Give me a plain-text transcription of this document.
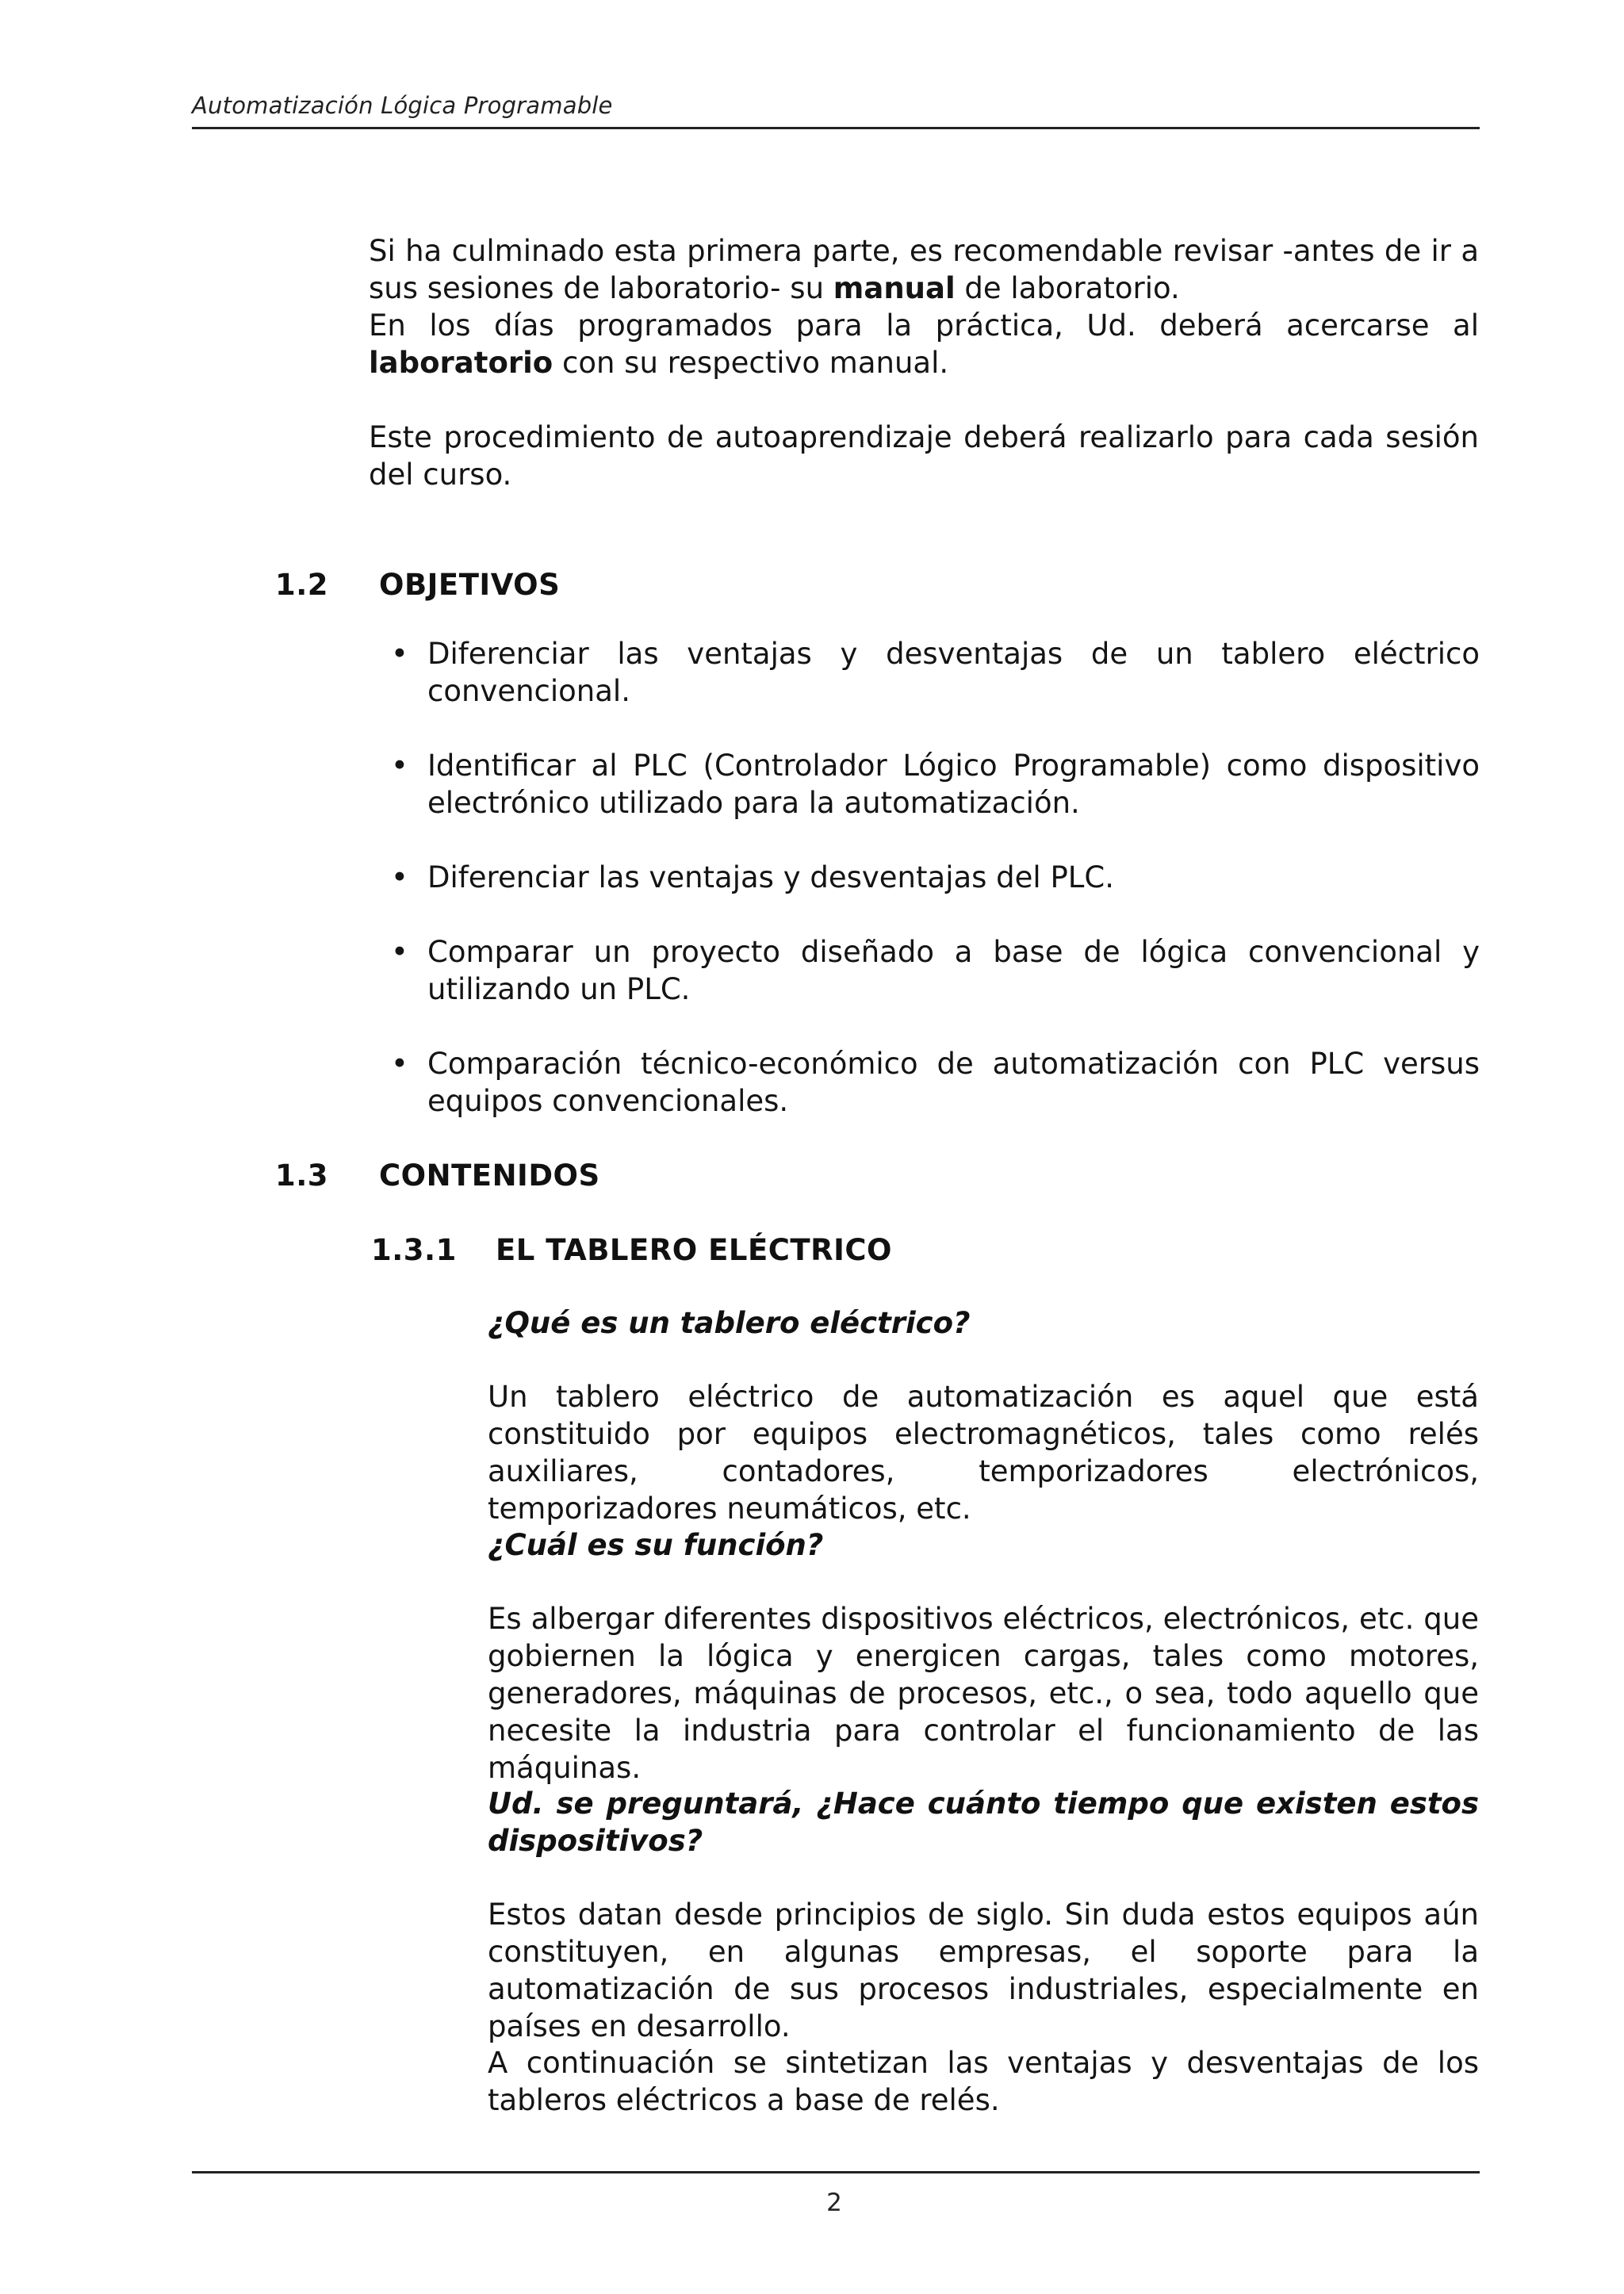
Automatización Lógica Programable

Si ha culminado esta primera parte, es recomendable revisar -antes de ir a sus sesiones de laboratorio- su manual de laboratorio.

En los días programados para la práctica, Ud. deberá acercarse al laboratorio con su respectivo manual.

Este procedimiento de autoaprendizaje deberá realizarlo para cada sesión del curso.

1.2 OBJETIVOS
• Diferenciar las ventajas y desventajas de un tablero eléctrico convencional.
• Identificar al PLC (Controlador Lógico Programable) como dispositivo electrónico utilizado para la automatización.
• Diferenciar las ventajas y desventajas del PLC.
• Comparar un proyecto diseñado a base de lógica convencional y utilizando un PLC.
• Comparación técnico-económico de automatización con PLC versus equipos convencionales.
1.3 CONTENIDOS
1.3.1 EL TABLERO ELÉCTRICO
¿Qué es un tablero eléctrico?
Un tablero eléctrico de automatización es aquel que está constituido por equipos electromagnéticos, tales como relés auxiliares, contadores, temporizadores electrónicos, temporizadores neumáticos, etc.
¿Cuál es su función?
Es albergar diferentes dispositivos eléctricos, electrónicos, etc. que gobiernen la lógica y energicen cargas, tales como motores, generadores, máquinas de procesos, etc., o sea, todo aquello que necesite la industria para controlar el funcionamiento de las máquinas.
Ud. se preguntará, ¿Hace cuánto tiempo que existen estos dispositivos?
Estos datan desde principios de siglo. Sin duda estos equipos aún constituyen, en algunas empresas, el soporte para la automatización de sus procesos industriales, especialmente en países en desarrollo.
A continuación se sintetizan las ventajas y desventajas de los tableros eléctricos a base de relés.
2
